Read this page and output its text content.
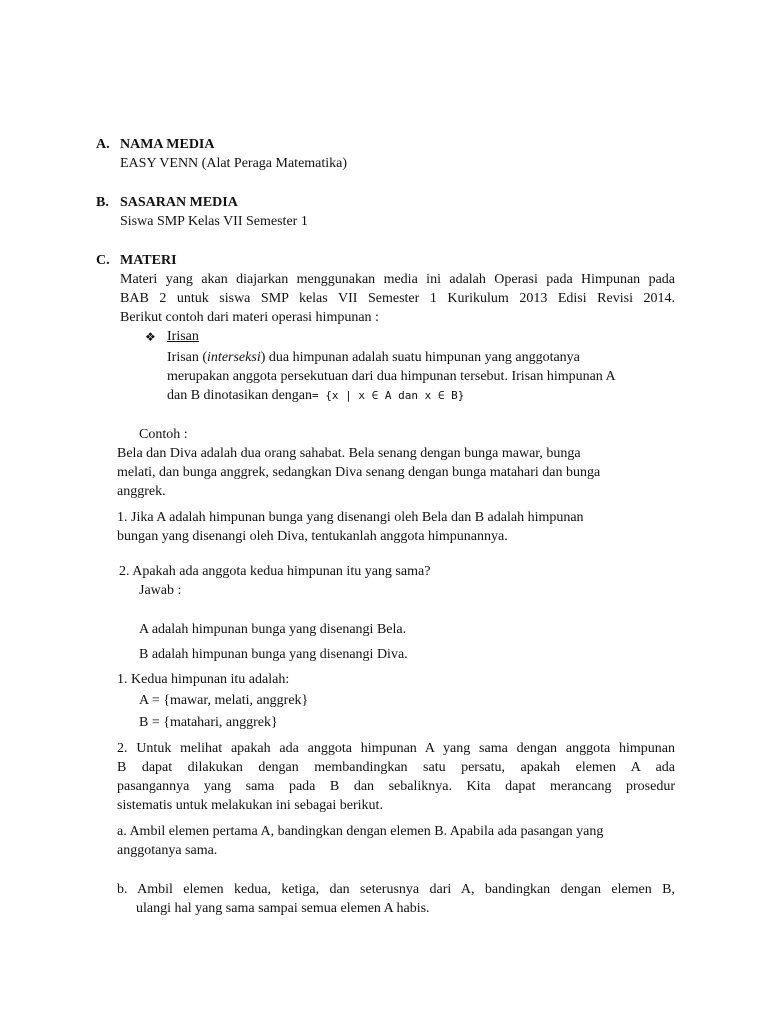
A. NAMA MEDIA
EASY VENN (Alat Peraga Matematika)
B. SASARAN MEDIA
Siswa SMP Kelas VII Semester 1
C. MATERI
Materi yang akan diajarkan menggunakan media ini adalah Operasi pada Himpunan pada
BAB 2 untuk siswa SMP kelas VII Semester 1 Kurikulum 2013 Edisi Revisi 2014.
Berikut contoh dari materi operasi himpunan :
❖ Irisan
Irisan (interseksi) dua himpunan adalah suatu himpunan yang anggotanya
merupakan anggota persekutuan dari dua himpunan tersebut. Irisan himpunan A
dan B dinotasikan dengan= {x | x ∈ A dan x ∈ B}
Contoh :
Bela dan Diva adalah dua orang sahabat. Bela senang dengan bunga mawar, bunga
melati, dan bunga anggrek, sedangkan Diva senang dengan bunga matahari dan bunga
anggrek.
1. Jika A adalah himpunan bunga yang disenangi oleh Bela dan B adalah himpunan
bungan yang disenangi oleh Diva, tentukanlah anggota himpunannya.
2. Apakah ada anggota kedua himpunan itu yang sama?
Jawab :
A adalah himpunan bunga yang disenangi Bela.
B adalah himpunan bunga yang disenangi Diva.
1. Kedua himpunan itu adalah:
A = {mawar, melati, anggrek}
B = {matahari, anggrek}
2. Untuk melihat apakah ada anggota himpunan A yang sama dengan anggota himpunan
B dapat dilakukan dengan membandingkan satu persatu, apakah elemen A ada
pasangannya yang sama pada B dan sebaliknya. Kita dapat merancang prosedur
sistematis untuk melakukan ini sebagai berikut.
a. Ambil elemen pertama A, bandingkan dengan elemen B. Apabila ada pasangan yang
anggotanya sama.
b. Ambil elemen kedua, ketiga, dan seterusnya dari A, bandingkan dengan elemen B,
ulangi hal yang sama sampai semua elemen A habis.
